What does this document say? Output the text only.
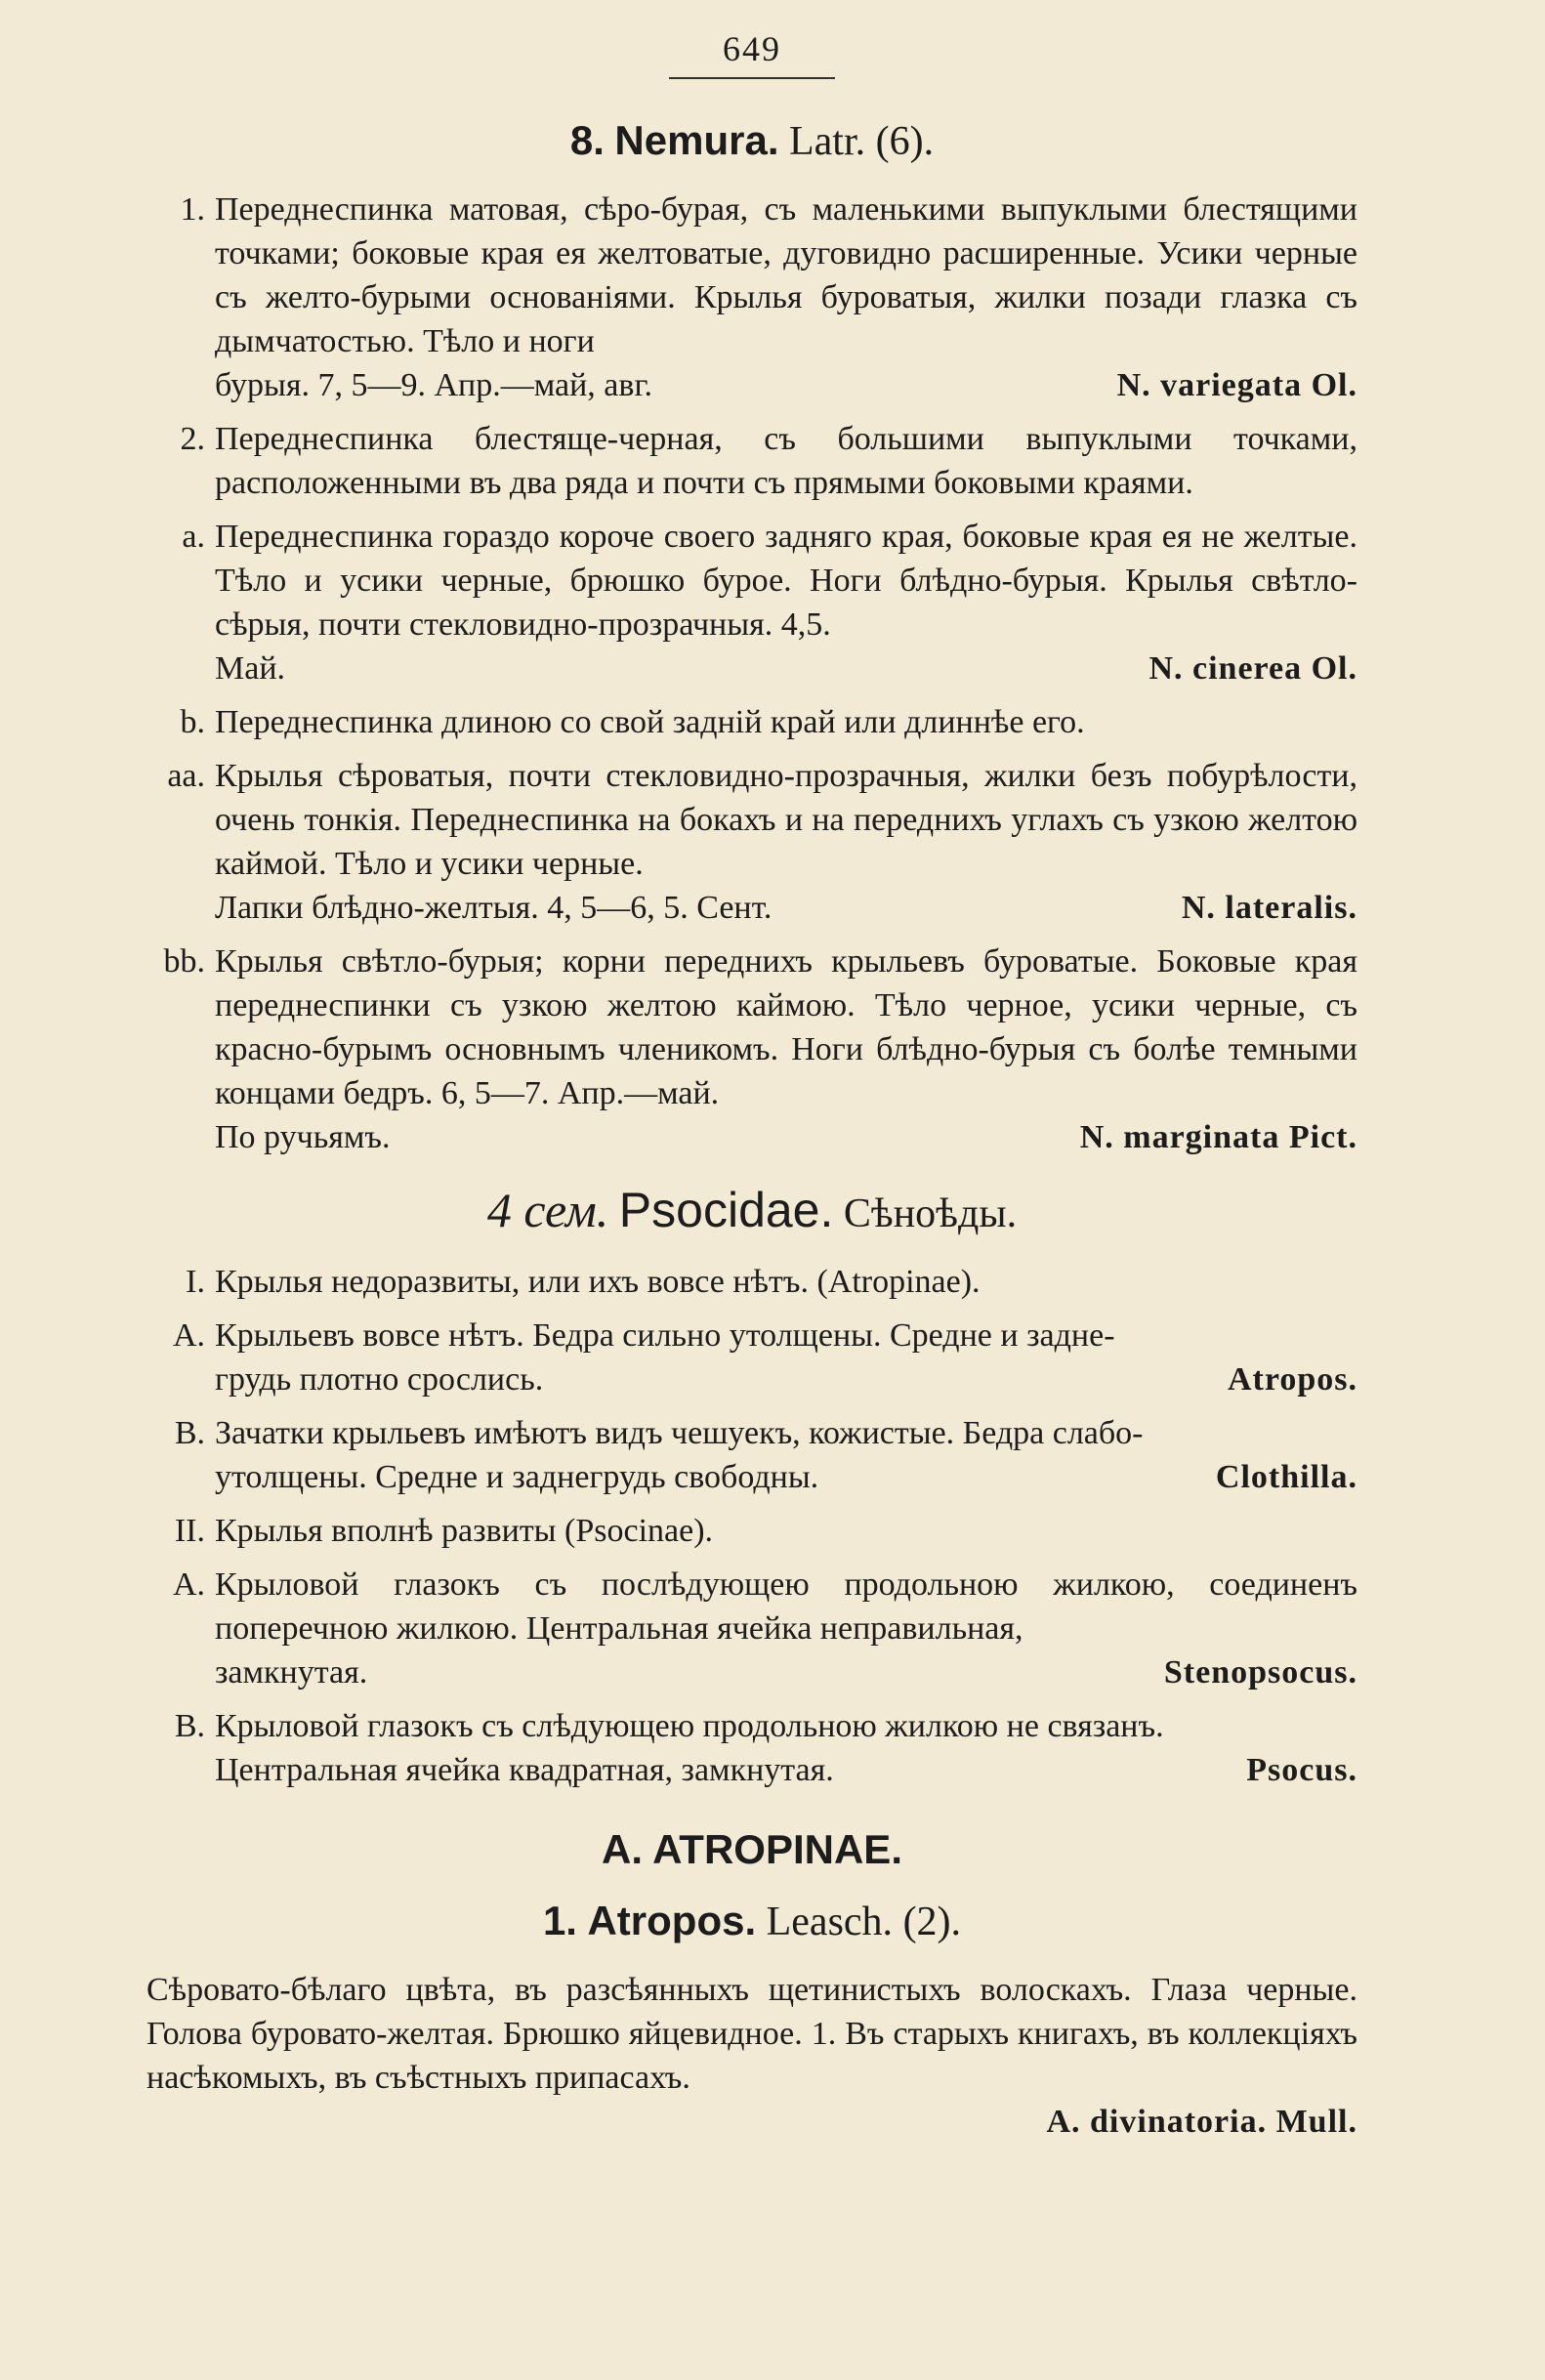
649
8. Nemura. Latr. (6).
1. Переднеспинка матовая, сѣро-бурая, съ маленькими выпуклыми блестящими точками; боковые края ея желтоватые, дуговидно расширенные. Усики черные съ желто-бурыми основаніями. Крылья буроватыя, жилки позади глазка съ дымчатостью. Тѣло и ноги
бурыя. 7, 5—9. Апр.—май, авг.	N. variegata Ol.
2. Переднеспинка блестяще-черная, съ большими выпуклыми точками, расположенными въ два ряда и почти съ прямыми боковыми краями.
a. Переднеспинка гораздо короче своего задняго края, боковые края ея не желтые. Тѣло и усики черные, брюшко бурое. Ноги блѣдно-бурыя. Крылья свѣтло-сѣрыя, почти стекловидно-прозрачныя. 4,5.
Май.	N. cinerea Ol.
b. Переднеспинка длиною со свой задній край или длиннѣе его.
aa. Крылья сѣроватыя, почти стекловидно-прозрачныя, жилки безъ побурѣлости, очень тонкія. Переднеспинка на бокахъ и на переднихъ углахъ съ узкою желтою каймой. Тѣло и усики черные.
Лапки блѣдно-желтыя. 4, 5—6, 5. Сент.	N. lateralis.
bb. Крылья свѣтло-бурыя; корни переднихъ крыльевъ буроватые. Боковые края переднеспинки съ узкою желтою каймою. Тѣло черное, усики черные, съ красно-бурымъ основнымъ членикомъ. Ноги блѣдно-бурыя съ болѣе темными концами бедръ. 6, 5—7. Апр.—май.
По ручьямъ.	N. marginata Pict.
4 сем. Psocidae. Сѣноѣды.
I. Крылья недоразвиты, или ихъ вовсе нѣтъ. (Atropinae).
A. Крыльевъ вовсе нѣтъ. Бедра сильно утолщены. Средне и задне-
грудь плотно срослись.	Atropos.
B. Зачатки крыльевъ имѣютъ видъ чешуекъ, кожистые. Бедра слабо-
утолщены. Средне и заднегрудь свободны.	Clothilla.
II. Крылья вполнѣ развиты (Psocinae).
A. Крыловой глазокъ съ послѣдующею продольною жилкою, соединенъ поперечною жилкою. Центральная ячейка неправильная,
замкнутая.	Stenopsocus.
B. Крыловой глазокъ съ слѣдующею продольною жилкою не связанъ.
Центральная ячейка квадратная, замкнутая.	Psocus.
A. ATROPINAE.
1. Atropos. Leasch. (2).
Сѣровато-бѣлаго цвѣта, въ разсѣянныхъ щетинистыхъ волоскахъ. Глаза черные. Голова буровато-желтая. Брюшко яйцевидное. 1. Въ старыхъ книгахъ, въ коллекціяхъ насѣкомыхъ, въ съѣстныхъ припасахъ.
A. divinatoria. Mull.
